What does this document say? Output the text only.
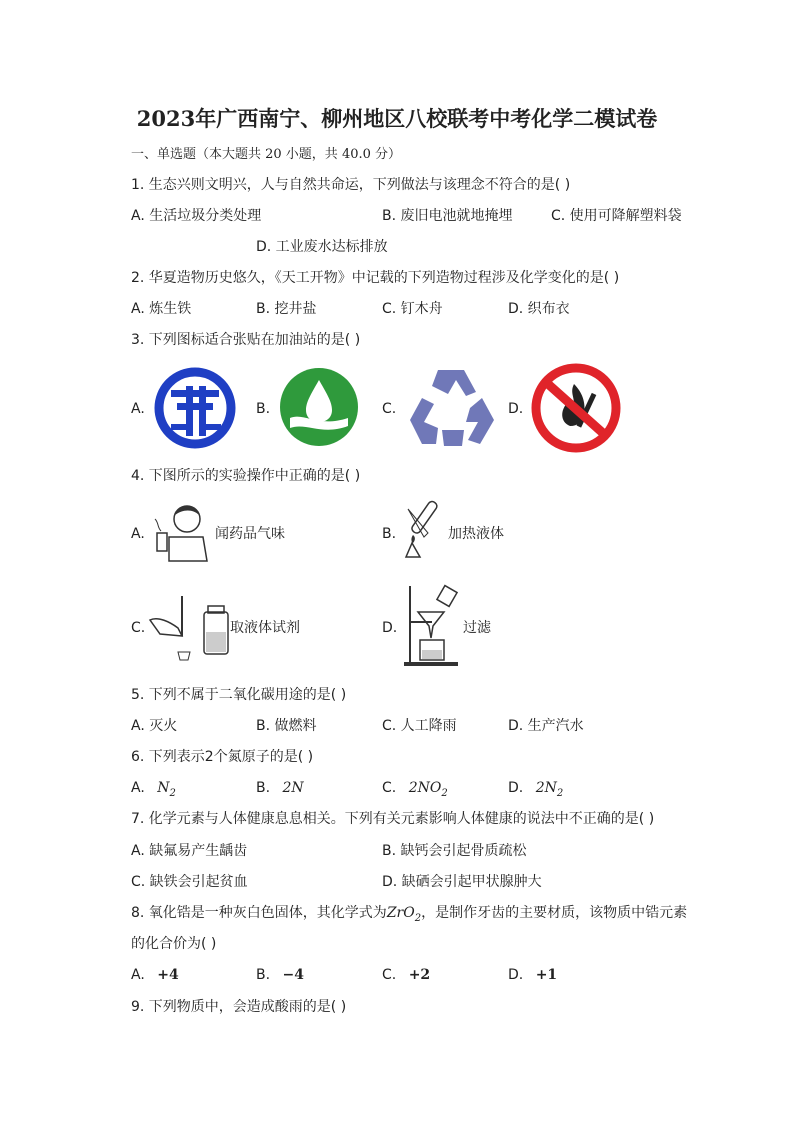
2023年广西南宁、柳州地区八校联考中考化学二模试卷
一、单选题（本大题共 20 小题，共 40.0 分）
1. 生态兴则文明兴，人与自然共命运，下列做法与该理念不符合的是( )
A. 生活垃圾分类处理	B. 废旧电池就地掩埋	C. 使用可降解塑料袋
D. 工业废水达标排放
2. 华夏造物历史悠久，《天工开物》中记载的下列造物过程涉及化学变化的是( )
A. 炼生铁	B. 挖井盐	C. 钉木舟	D. 织布衣
3. 下列图标适合张贴在加油站的是( )
A.	B.	C.	D.
4. 下图所示的实验操作中正确的是( )
A.	闻药品气味	B.	加热液体
C.	取液体试剂	D.	过滤
5. 下列不属于二氧化碳用途的是( )
A. 灭火	B. 做燃料	C. 人工降雨	D. 生产汽水
6. 下列表示2个氮原子的是( )
A. $N_2$	B. 2N	C. $2NO_2$	D. $2N_2$
7. 化学元素与人体健康息息相关。下列有关元素影响人体健康的说法中不正确的是( )
A. 缺氟易产生龋齿	B. 缺钙会引起骨质疏松
C. 缺铁会引起贫血	D. 缺硒会引起甲状腺肿大
8. 氧化锆是一种灰白色固体，其化学式为ZrO$_2$，是制作牙齿的主要材质，该物质中锆元素
的化合价为( )
A. +4	B. −4	C. +2	D. +1
9. 下列物质中，会造成酸雨的是( )
